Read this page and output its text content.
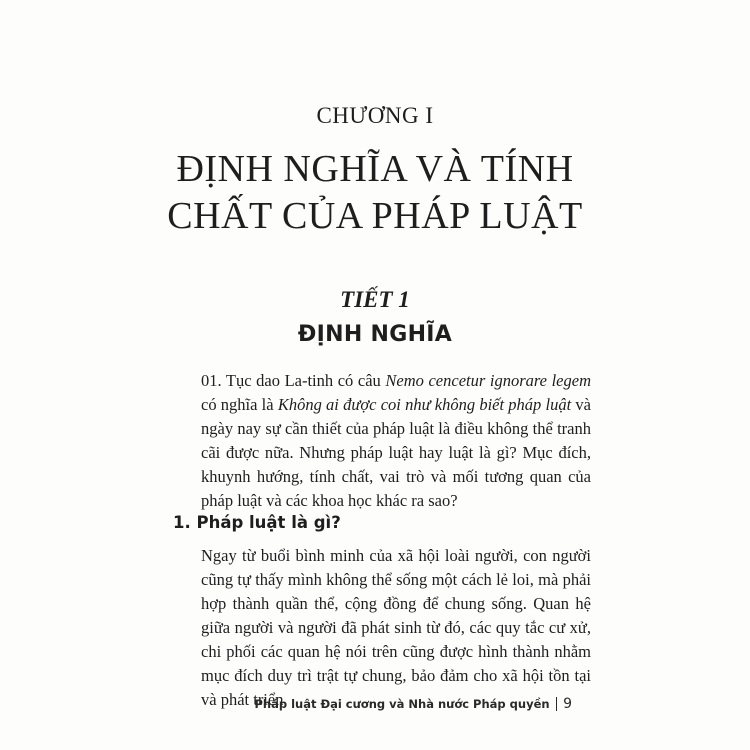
CHƯƠNG I
ĐỊNH NGHĨA VÀ TÍNH
CHẤT CỦA PHÁP LUẬT
TIẾT 1
ĐỊNH NGHĨA
01. Tục dao La-tinh có câu Nemo cencetur ignorare legem có nghĩa là Không ai được coi như không biết pháp luật và ngày nay sự cần thiết của pháp luật là điều không thể tranh cãi được nữa. Nhưng pháp luật hay luật là gì? Mục đích, khuynh hướng, tính chất, vai trò và mối tương quan của pháp luật và các khoa học khác ra sao?
1. Pháp luật là gì?
Ngay từ buổi bình minh của xã hội loài người, con người cũng tự thấy mình không thể sống một cách lẻ loi, mà phải hợp thành quần thể, cộng đồng để chung sống. Quan hệ giữa người và người đã phát sinh từ đó, các quy tắc cư xử, chi phối các quan hệ nói trên cũng được hình thành nhằm mục đích duy trì trật tự chung, bảo đảm cho xã hội tồn tại và phát triển.
Pháp luật Đại cương và Nhà nước Pháp quyền 9
